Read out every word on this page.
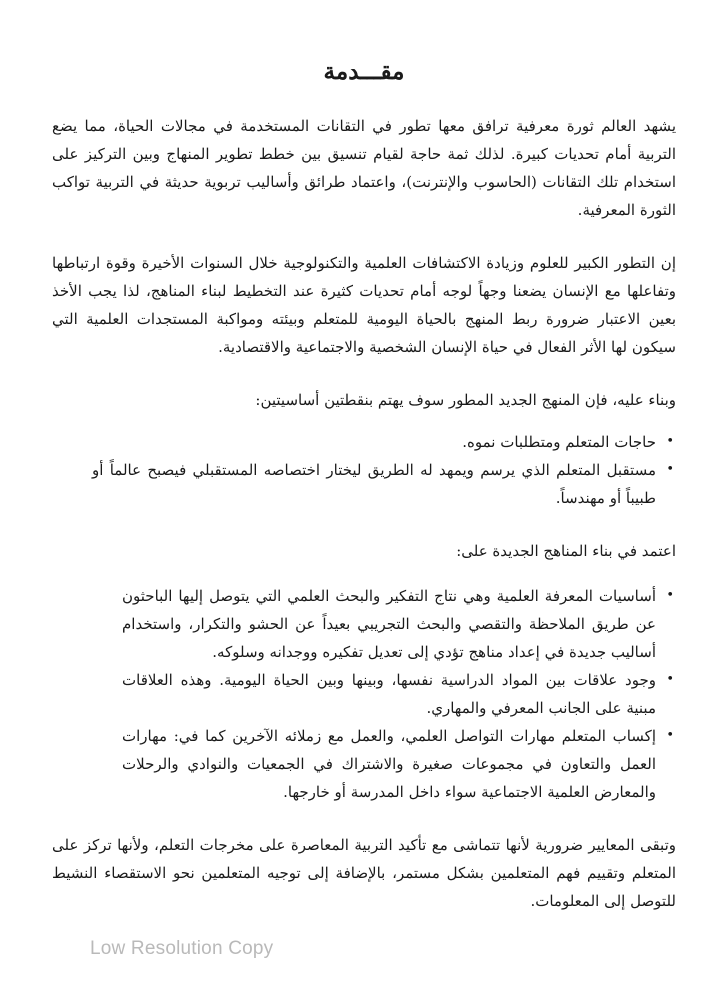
مقـــدمة

يشهد العالم ثورة معرفية ترافق معها تطور في التقانات المستخدمة في مجالات الحياة، مما يضع التربية أمام تحديات كبيرة. لذلك ثمة حاجة لقيام تنسيق بين خطط تطوير المنهاج وبين التركيز على استخدام تلك التقانات (الحاسوب والإنترنت)، واعتماد طرائق وأساليب تربوية حديثة في التربية تواكب الثورة المعرفية.

إن التطور الكبير للعلوم وزيادة الاكتشافات العلمية والتكنولوجية خلال السنوات الأخيرة وقوة ارتباطها وتفاعلها مع الإنسان يضعنا وجهاً لوجه أمام تحديات كثيرة عند التخطيط لبناء المناهج، لذا يجب الأخذ بعين الاعتبار ضرورة ربط المنهج بالحياة اليومية للمتعلم وبيئته ومواكبة المستجدات العلمية التي سيكون لها الأثر الفعال في حياة الإنسان الشخصية والاجتماعية والاقتصادية.

وبناء عليه، فإن المنهج الجديد المطور سوف يهتم بنقطتين أساسيتين:

•
حاجات المتعلم ومتطلبات نموه.
•
مستقبل المتعلم الذي يرسم ويمهد له الطريق ليختار اختصاصه المستقبلي فيصبح عالماً أو طبيباً أو مهندساً.

اعتمد في بناء المناهج الجديدة على:

•
أساسيات المعرفة العلمية وهي نتاج التفكير والبحث العلمي التي يتوصل إليها الباحثون عن طريق الملاحظة والتقصي والبحث التجريبي بعيداً عن الحشو والتكرار، واستخدام أساليب جديدة في إعداد مناهج تؤدي إلى تعديل تفكيره ووجدانه وسلوكه.
•
وجود علاقات بين المواد الدراسية نفسها، وبينها وبين الحياة اليومية. وهذه العلاقات مبنية على الجانب المعرفي والمهاري.
•
إكساب المتعلم مهارات التواصل العلمي، والعمل مع زملائه الآخرين كما في: مهارات العمل والتعاون في مجموعات صغيرة والاشتراك في الجمعيات والنوادي والرحلات والمعارض العلمية الاجتماعية سواء داخل المدرسة أو خارجها.

وتبقى المعايير ضرورية لأنها تتماشى مع تأكيد التربية المعاصرة على مخرجات التعلم، ولأنها تركز على المتعلم وتقييم فهم المتعلمين بشكل مستمر، بالإضافة إلى توجيه المتعلمين نحو الاستقصاء النشيط للتوصل إلى المعلومات.

Low Resolution Copy
